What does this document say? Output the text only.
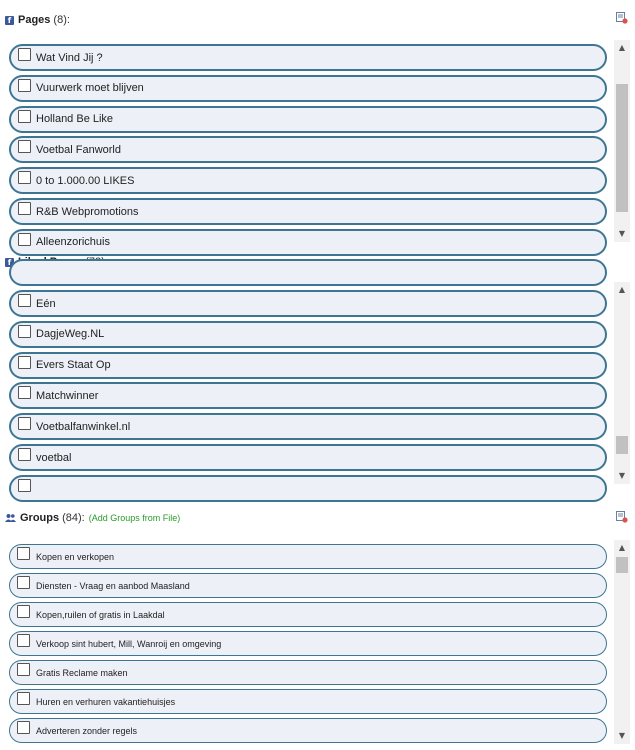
f Pages (8):
Wat Vind Jij ?
Vuurwerk moet blijven
Holland Be Like
Voetbal Fanworld
0 to 1.000.00 LIKES
R&B Webpromotions
Alleenzorichuis
▲
▼
f
Eén
DagjeWeg.NL
Evers Staat Op
Matchwinner
Voetbalfanwinkel.nl
voetbal
▲
▼
Groups (84): (Add Groups from File)
Kopen en verkopen
Diensten - Vraag en aanbod Maasland
Kopen,ruilen of gratis in Laakdal
Verkoop sint hubert, Mill, Wanroij en omgeving
Gratis Reclame maken
Huren en verhuren vakantiehuisjes
Adverteren zonder regels
▲
▼
